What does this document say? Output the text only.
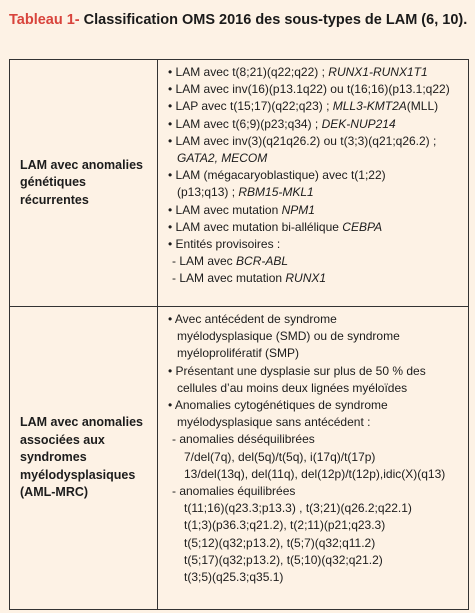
Tableau 1- Classification OMS 2016 des sous-types de LAM (6, 10).
LAM avec anomalies
génétiques
récurrentes
• LAM avec t(8;21)(q22;q22) ; RUNX1-RUNX1T1
• LAM avec inv(16)(p13.1q22) ou t(16;16)(p13.1;q22)
• LAP avec t(15;17)(q22;q23) ; MLL3-KMT2A(MLL)
• LAM avec t(6;9)(p23;q34) ; DEK-NUP214
• LAM avec inv(3)(q21q26.2) ou t(3;3)(q21;q26.2) ;
GATA2, MECOM
• LAM (mégacaryoblastique) avec t(1;22)
(p13;q13) ; RBM15-MKL1
• LAM avec mutation NPM1
• LAM avec mutation bi-allélique CEBPA
• Entités provisoires :
- LAM avec BCR-ABL
- LAM avec mutation RUNX1
LAM avec anomalies
associées aux
syndromes
myélodysplasiques
(AML-MRC)
• Avec antécédent de syndrome
myélodysplasique (SMD) ou de syndrome
myéloprolifératif (SMP)
• Présentant une dysplasie sur plus de 50 % des
cellules d’au moins deux lignées myéloïdes
• Anomalies cytogénétiques de syndrome
myélodysplasique sans antécédent :
- anomalies déséquilibrées
7/del(7q), del(5q)/t(5q), i(17q)/t(17p)
13/del(13q), del(11q), del(12p)/t(12p),idic(X)(q13)
- anomalies équilibrées
t(11;16)(q23.3;p13.3) , t(3;21)(q26.2;q22.1)
t(1;3)(p36.3;q21.2), t(2;11)(p21;q23.3)
t(5;12)(q32;p13.2), t(5;7)(q32;q11.2)
t(5;17)(q32;p13.2), t(5;10)(q32;q21.2)
t(3;5)(q25.3;q35.1)
